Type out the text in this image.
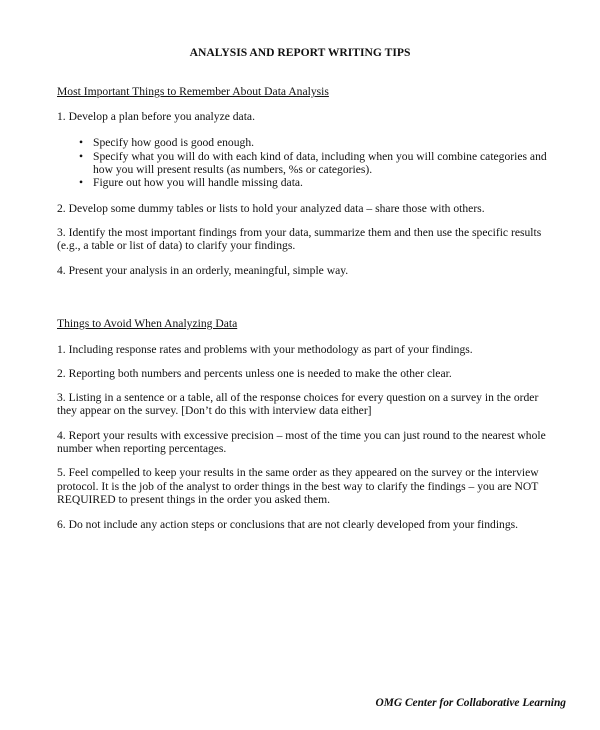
ANALYSIS AND REPORT WRITING TIPS
Most Important Things to Remember About Data Analysis
1. Develop a plan before you analyze data.
• Specify how good is good enough.
• Specify what you will do with each kind of data, including when you will combine categories and
how you will present results (as numbers, %s or categories).
• Figure out how you will handle missing data.
2. Develop some dummy tables or lists to hold your analyzed data – share those with others.
3. Identify the most important findings from your data, summarize them and then use the specific results
(e.g., a table or list of data) to clarify your findings.
4. Present your analysis in an orderly, meaningful, simple way.
Things to Avoid When Analyzing Data
1. Including response rates and problems with your methodology as part of your findings.
2. Reporting both numbers and percents unless one is needed to make the other clear.
3. Listing in a sentence or a table, all of the response choices for every question on a survey in the order
they appear on the survey. [Don’t do this with interview data either]
4. Report your results with excessive precision – most of the time you can just round to the nearest whole
number when reporting percentages.
5. Feel compelled to keep your results in the same order as they appeared on the survey or the interview
protocol. It is the job of the analyst to order things in the best way to clarify the findings – you are NOT
REQUIRED to present things in the order you asked them.
6. Do not include any action steps or conclusions that are not clearly developed from your findings.
OMG Center for Collaborative Learning
